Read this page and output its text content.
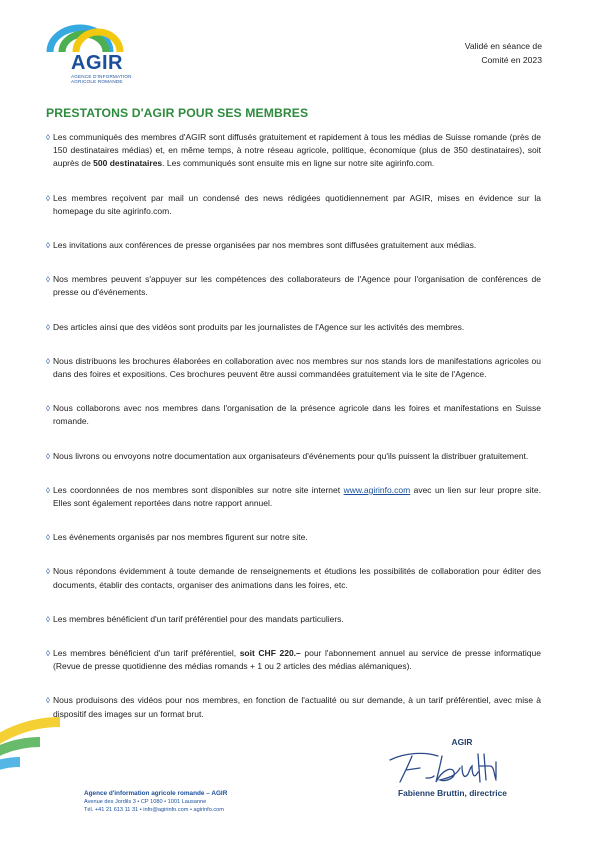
AGIR
AGENCE D'INFORMATION
AGRICOLE ROMANDE
Validé en séance de
Comité en 2023
PRESTATONS D'AGIR POUR SES MEMBRES
◊ Les communiqués des membres d'AGIR sont diffusés gratuitement et rapidement à tous les médias de Suisse romande (près de 150 destinataires médias) et, en même temps, à notre réseau agricole, politique, économique (plus de 350 destinataires), soit auprès de 500 destinataires. Les communiqués sont ensuite mis en ligne sur notre site agirinfo.com.
◊ Les membres reçoivent par mail un condensé des news rédigées quotidiennement par AGIR, mises en évidence sur la homepage du site agirinfo.com.
◊ Les invitations aux conférences de presse organisées par nos membres sont diffusées gratuitement aux médias.
◊ Nos membres peuvent s'appuyer sur les compétences des collaborateurs de l'Agence pour l'organisation de conférences de presse ou d'événements.
◊ Des articles ainsi que des vidéos sont produits par les journalistes de l'Agence sur les activités des membres.
◊ Nous distribuons les brochures élaborées en collaboration avec nos membres sur nos stands lors de manifestations agricoles ou dans des foires et expositions. Ces brochures peuvent être aussi commandées gratuitement via le site de l'Agence.
◊ Nous collaborons avec nos membres dans l'organisation de la présence agricole dans les foires et manifestations en Suisse romande.
◊ Nous livrons ou envoyons notre documentation aux organisateurs d'événements pour qu'ils puissent la distribuer gratuitement.
◊ Les coordonnées de nos membres sont disponibles sur notre site internet www.agirinfo.com avec un lien sur leur propre site. Elles sont également reportées dans notre rapport annuel.
◊ Les événements organisés par nos membres figurent sur notre site.
◊ Nous répondons évidemment à toute demande de renseignements et étudions les possibilités de collaboration pour éditer des documents, établir des contacts, organiser des animations dans les foires, etc.
◊ Les membres bénéficient d'un tarif préférentiel pour des mandats particuliers.
◊ Les membres bénéficient d'un tarif préférentiel, soit CHF 220.– pour l'abonnement annuel au service de presse informatique (Revue de presse quotidienne des médias romands + 1 ou 2 articles des médias alémaniques).
◊ Nous produisons des vidéos pour nos membres, en fonction de l'actualité ou sur demande, à un tarif préférentiel, avec mise à dispositif des images sur un format brut.
AGIR
Fabienne Bruttin, directrice
Agence d'information agricole romande – AGIR
Avenue des Jordils 3 • CP 1080 • 1001 Lausanne
Tél. +41 21 613 11 31 • info@agirinfo.com • agirinfo.com
